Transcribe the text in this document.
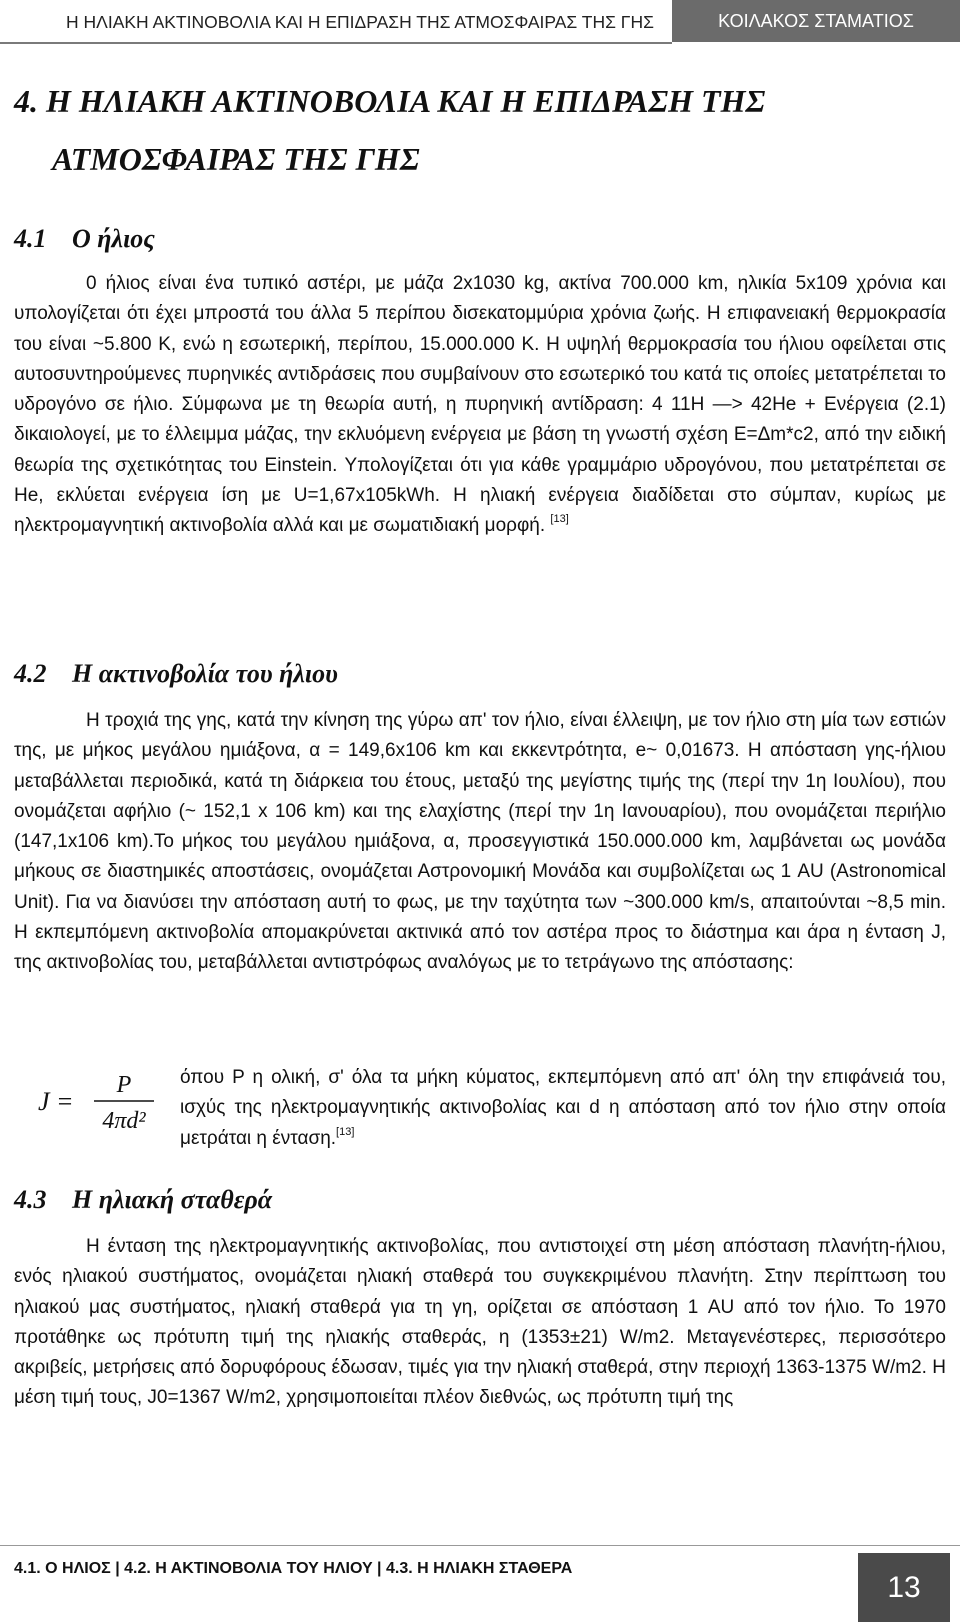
Η ΗΛΙΑΚΗ ΑΚΤΙΝΟΒΟΛΙΑ ΚΑΙ Η ΕΠΙΔΡΑΣΗ ΤΗΣ ΑΤΜΟΣΦΑΙΡΑΣ ΤΗΣ ΓΗΣ	ΚΟΙΛΑΚΟΣ ΣΤΑΜΑΤΙΟΣ
4. Η ΗΛΙΑΚΗ ΑΚΤΙΝΟΒΟΛΙΑ ΚΑΙ Η ΕΠΙΔΡΑΣΗ ΤΗΣ
ΑΤΜΟΣΦΑΙΡΑΣ ΤΗΣ ΓΗΣ
4.1 Ο ήλιος

0 ήλιος είναι ένα τυπικό αστέρι, με μάζα 2x1030 kg, ακτίνα 700.000 km, ηλικία 5x109 χρόνια και υπολογίζεται ότι έχει μπροστά του άλλα 5 περίπου δισεκατομμύρια χρόνια ζωής. Η επιφανειακή θερμοκρασία του είναι ~5.800 Κ, ενώ η εσωτερική, περίπου, 15.000.000 Κ. Η υψηλή θερμοκρασία του ήλιου οφείλεται στις αυτοσυντηρούμενες πυρηνικές αντιδράσεις που συμβαίνουν στο εσωτερικό του κατά τις οποίες μετατρέπεται το υδρογόνο σε ήλιο. Σύμφωνα με τη θεωρία αυτή, η πυρηνική αντίδραση: 4 11Η —> 42He + Ενέργεια (2.1) δικαιολογεί, με το έλλειμμα μάζας, την εκλυόμενη ενέργεια με βάση τη γνωστή σχέση Ε=Δm*c2, από την ειδική θεωρία της σχετικότητας του Einstein. Υπολογίζεται ότι για κάθε γραμμάριο υδρογόνου, που μετατρέπεται σε He, εκλύεται ενέργεια ίση με U=1,67x105kWh. Η ηλιακή ενέργεια διαδίδεται στο σύμπαν, κυρίως με ηλεκτρομαγνητική ακτινοβολία αλλά και με σωματιδιακή μορφή. [13]

4.2 Η ακτινοβολία του ήλιου

Η τροχιά της γης, κατά την κίνηση της γύρω απ' τον ήλιο, είναι έλλειψη, με τον ήλιο στη μία των εστιών της, με μήκος μεγάλου ημιάξονα, α = 149,6x106 km και εκκεντρότητα, e~ 0,01673. Η απόσταση γης-ήλιου μεταβάλλεται περιοδικά, κατά τη διάρκεια του έτους, μεταξύ της μεγίστης τιμής της (περί την 1η Ιουλίου), που ονομάζεται αφήλιο (~ 152,1 x 106 km) και της ελαχίστης (περί την 1η Ιανουαρίου), που ονομάζεται περιήλιο (147,1x106 km).Το μήκος του μεγάλου ημιάξονα, α, προσεγγιστικά 150.000.000 km, λαμβάνεται ως μονάδα μήκους σε διαστημικές αποστάσεις, ονομάζεται Αστρονομική Μονάδα και συμβολίζεται ως 1 AU (Astronomical Unit). Για να διανύσει την απόσταση αυτή το φως, με την ταχύτητα των ~300.000 km/s, απαιτούνται ~8,5 min. Η εκπεμπόμενη ακτινοβολία απομακρύνεται ακτινικά από τον αστέρα προς το διάστημα και άρα η ένταση J, της ακτινοβολίας του, μεταβάλλεται αντιστρόφως αναλόγως με το τετράγωνο της απόστασης:

J =
P
4πd²
όπου P η ολική, σ' όλα τα μήκη κύματος, εκπεμπόμενη από απ' όλη την επιφάνειά του, ισχύς της ηλεκτρομαγνητικής ακτινοβολίας και d η απόσταση από τον ήλιο στην οποία μετράται η ένταση.[13]
4.3 Η ηλιακή σταθερά

Η ένταση της ηλεκτρομαγνητικής ακτινοβολίας, που αντιστοιχεί στη μέση απόσταση πλανήτη-ήλιου, ενός ηλιακού συστήματος, ονομάζεται ηλιακή σταθερά του συγκεκριμένου πλανήτη. Στην περίπτωση του ηλιακού μας συστήματος, ηλιακή σταθερά για τη γη, ορίζεται σε απόσταση 1 AU από τον ήλιο. Το 1970 προτάθηκε ως πρότυπη τιμή της ηλιακής σταθεράς, η (1353±21) W/m2. Μεταγενέστερες, περισσότερο ακριβείς, μετρήσεις από δορυφόρους έδωσαν, τιμές για την ηλιακή σταθερά, στην περιοχή 1363-1375 W/m2. Η μέση τιμή τους, J0=1367 W/m2, χρησιμοποιείται πλέον διεθνώς, ως πρότυπη τιμή της

4.1. Ο ΗΛΙΟΣ | 4.2. Η ΑΚΤΙΝΟΒΟΛΙΑ ΤΟΥ ΗΛΙΟΥ | 4.3. Η ΗΛΙΑΚΗ ΣΤΑΘΕΡΑ
13
